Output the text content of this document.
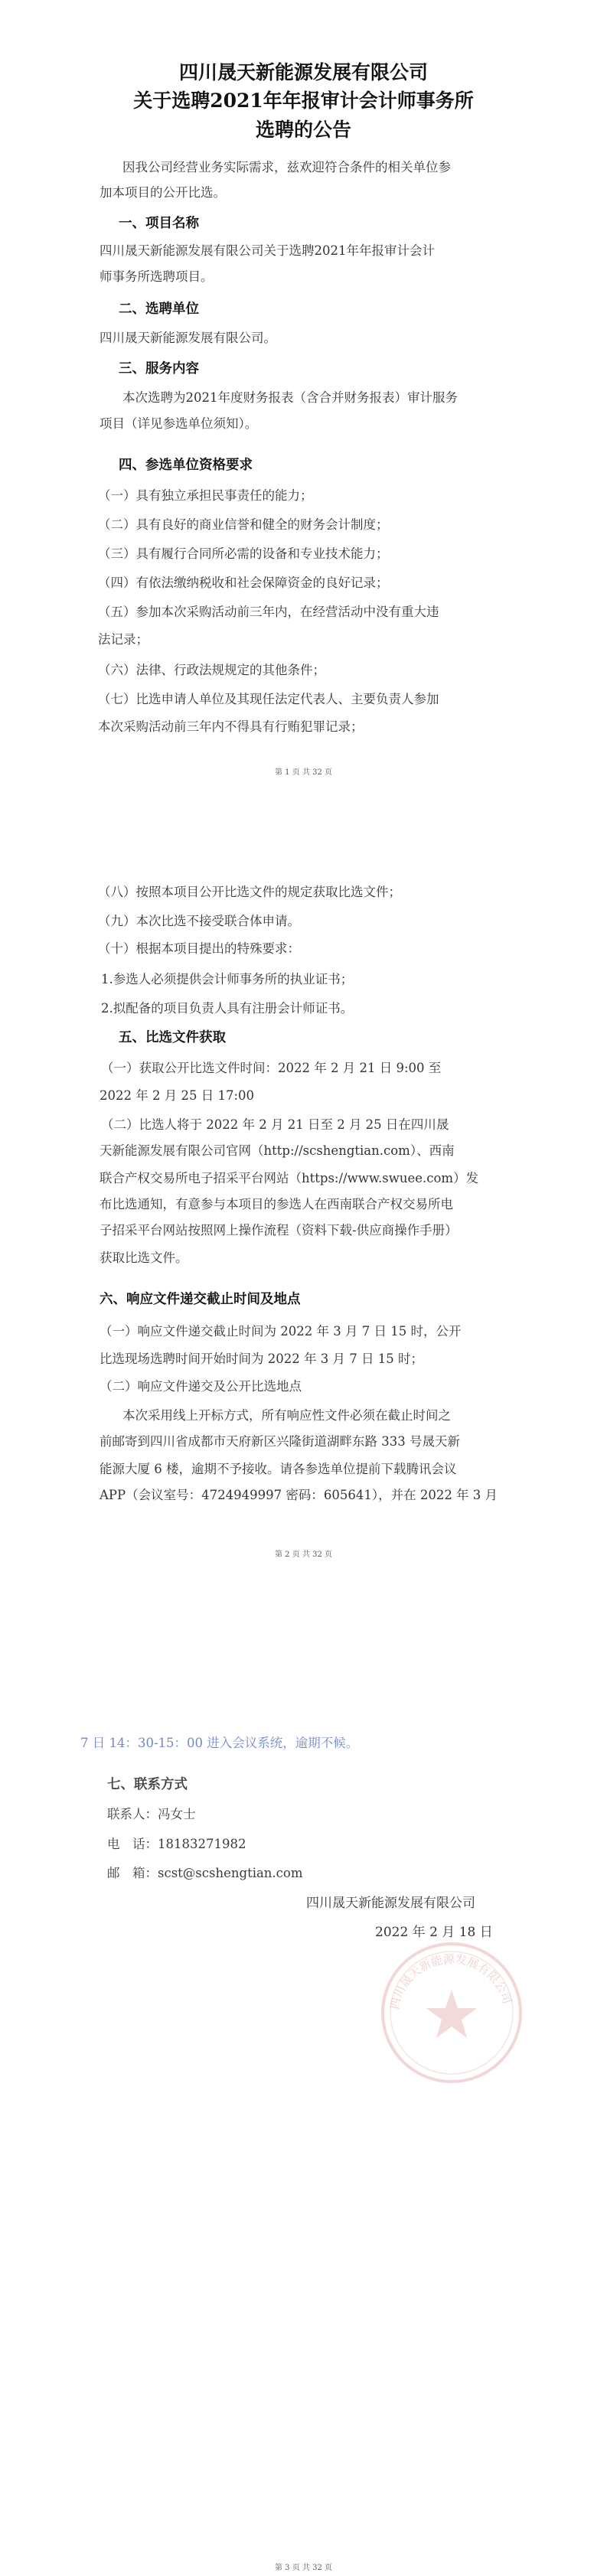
四川晟天新能源发展有限公司
关于选聘2021年年报审计会计师事务所
选聘的公告
因我公司经营业务实际需求，兹欢迎符合条件的相关单位参
加本项目的公开比选。
一、项目名称
四川晟天新能源发展有限公司关于选聘2021年年报审计会计
师事务所选聘项目。
二、选聘单位
四川晟天新能源发展有限公司。
三、服务内容
本次选聘为2021年度财务报表（含合并财务报表）审计服务
项目（详见参选单位须知）。
四、参选单位资格要求
（一）具有独立承担民事责任的能力；
（二）具有良好的商业信誉和健全的财务会计制度；
（三）具有履行合同所必需的设备和专业技术能力；
（四）有依法缴纳税收和社会保障资金的良好记录；
（五）参加本次采购活动前三年内，在经营活动中没有重大违
法记录；
（六）法律、行政法规规定的其他条件；
（七）比选申请人单位及其现任法定代表人、主要负责人参加
本次采购活动前三年内不得具有行贿犯罪记录；
第 1 页 共 32 页
（八）按照本项目公开比选文件的规定获取比选文件；
（九）本次比选不接受联合体申请。
（十）根据本项目提出的特殊要求：
1.参选人必须提供会计师事务所的执业证书；
2.拟配备的项目负责人具有注册会计师证书。
五、比选文件获取
（一）获取公开比选文件时间：2022 年 2 月 21 日 9:00 至
2022 年 2 月 25 日 17:00
（二）比选人将于 2022 年 2 月 21 日至 2 月 25 日在四川晟
天新能源发展有限公司官网（http://scshengtian.com）、西南
联合产权交易所电子招采平台网站（https://www.swuee.com）发
布比选通知，有意参与本项目的参选人在西南联合产权交易所电
子招采平台网站按照网上操作流程（资料下载-供应商操作手册）
获取比选文件。
六、响应文件递交截止时间及地点
（一）响应文件递交截止时间为 2022 年 3 月 7 日 15 时，公开
比选现场选聘时间开始时间为 2022 年 3 月 7 日 15 时；
（二）响应文件递交及公开比选地点
本次采用线上开标方式，所有响应性文件必须在截止时间之
前邮寄到四川省成都市天府新区兴隆街道湖畔东路 333 号晟天新
能源大厦 6 楼，逾期不予接收。请各参选单位提前下载腾讯会议
APP（会议室号：4724949997 密码：605641），并在 2022 年 3 月
第 2 页 共 32 页
四川晟天新能源发展有限公司
7 日 14：30-15：00 进入会议系统，逾期不候。
七、联系方式
联系人：冯女士
电　话：18183271982
邮　箱：scst@scshengtian.com
四川晟天新能源发展有限公司
2022 年 2 月 18 日
第 3 页 共 32 页
